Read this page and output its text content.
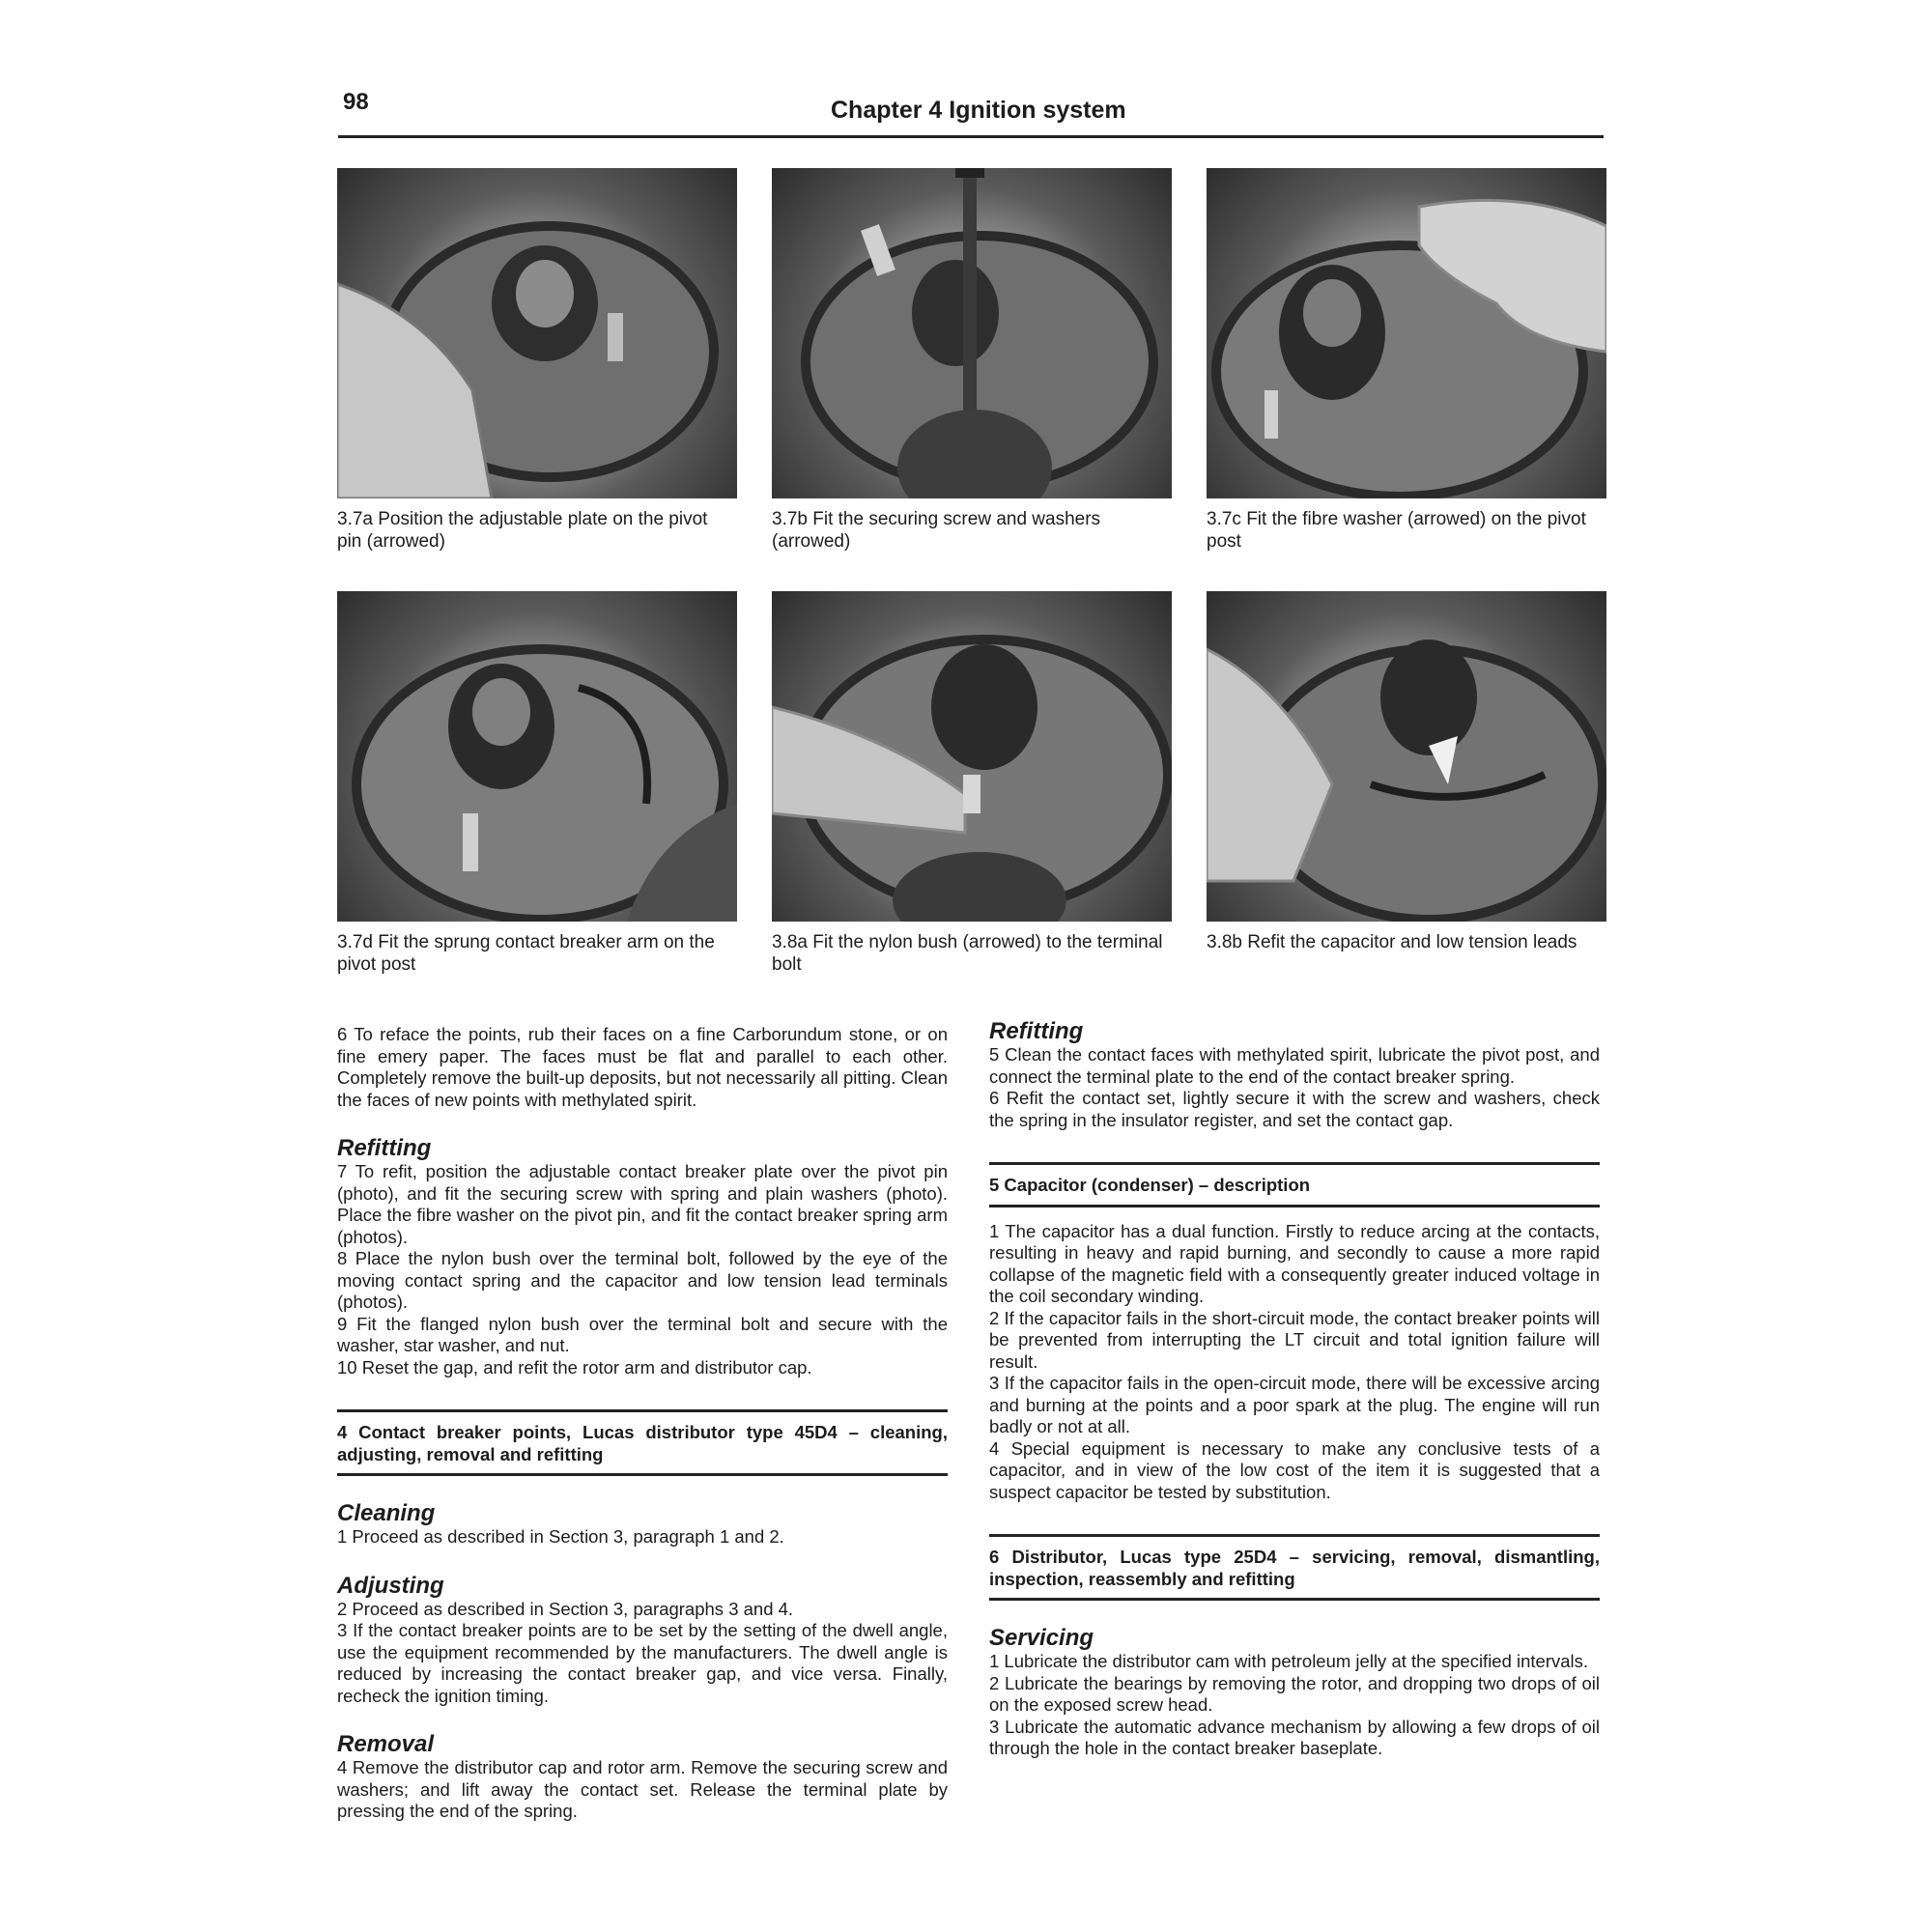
98	Chapter 4 Ignition system
3.7a Position the adjustable plate on the pivot pin (arrowed)
3.7b Fit the securing screw and washers (arrowed)
3.7c Fit the fibre washer (arrowed) on the pivot post
3.7d Fit the sprung contact breaker arm on the pivot post
3.8a Fit the nylon bush (arrowed) to the terminal bolt
3.8b Refit the capacitor and low tension leads

6 To reface the points, rub their faces on a fine Carborundum stone, or on fine emery paper. The faces must be flat and parallel to each other. Completely remove the built-up deposits, but not necessarily all pitting. Clean the faces of new points with methylated spirit.

Refitting

7 To refit, position the adjustable contact breaker plate over the pivot pin (photo), and fit the securing screw with spring and plain washers (photo). Place the fibre washer on the pivot pin, and fit the contact breaker spring arm (photos).

8 Place the nylon bush over the terminal bolt, followed by the eye of the moving contact spring and the capacitor and low tension lead terminals (photos).

9 Fit the flanged nylon bush over the terminal bolt and secure with the washer, star washer, and nut.

10 Reset the gap, and refit the rotor arm and distributor cap.

4 Contact breaker points, Lucas distributor type 45D4 – cleaning, adjusting, removal and refitting
Cleaning

1 Proceed as described in Section 3, paragraph 1 and 2.

Adjusting

2 Proceed as described in Section 3, paragraphs 3 and 4.

3 If the contact breaker points are to be set by the setting of the dwell angle, use the equipment recommended by the manufacturers. The dwell angle is reduced by increasing the contact breaker gap, and vice versa. Finally, recheck the ignition timing.

Removal

4 Remove the distributor cap and rotor arm. Remove the securing screw and washers; and lift away the contact set. Release the terminal plate by pressing the end of the spring.

Refitting

5 Clean the contact faces with methylated spirit, lubricate the pivot post, and connect the terminal plate to the end of the contact breaker spring.

6 Refit the contact set, lightly secure it with the screw and washers, check the spring in the insulator register, and set the contact gap.

5 Capacitor (condenser) – description

1 The capacitor has a dual function. Firstly to reduce arcing at the contacts, resulting in heavy and rapid burning, and secondly to cause a more rapid collapse of the magnetic field with a consequently greater induced voltage in the coil secondary winding.

2 If the capacitor fails in the short-circuit mode, the contact breaker points will be prevented from interrupting the LT circuit and total ignition failure will result.

3 If the capacitor fails in the open-circuit mode, there will be excessive arcing and burning at the points and a poor spark at the plug. The engine will run badly or not at all.

4 Special equipment is necessary to make any conclusive tests of a capacitor, and in view of the low cost of the item it is suggested that a suspect capacitor be tested by substitution.

6 Distributor, Lucas type 25D4 – servicing, removal, dismantling, inspection, reassembly and refitting
Servicing

1 Lubricate the distributor cam with petroleum jelly at the specified intervals.

2 Lubricate the bearings by removing the rotor, and dropping two drops of oil on the exposed screw head.

3 Lubricate the automatic advance mechanism by allowing a few drops of oil through the hole in the contact breaker baseplate.
